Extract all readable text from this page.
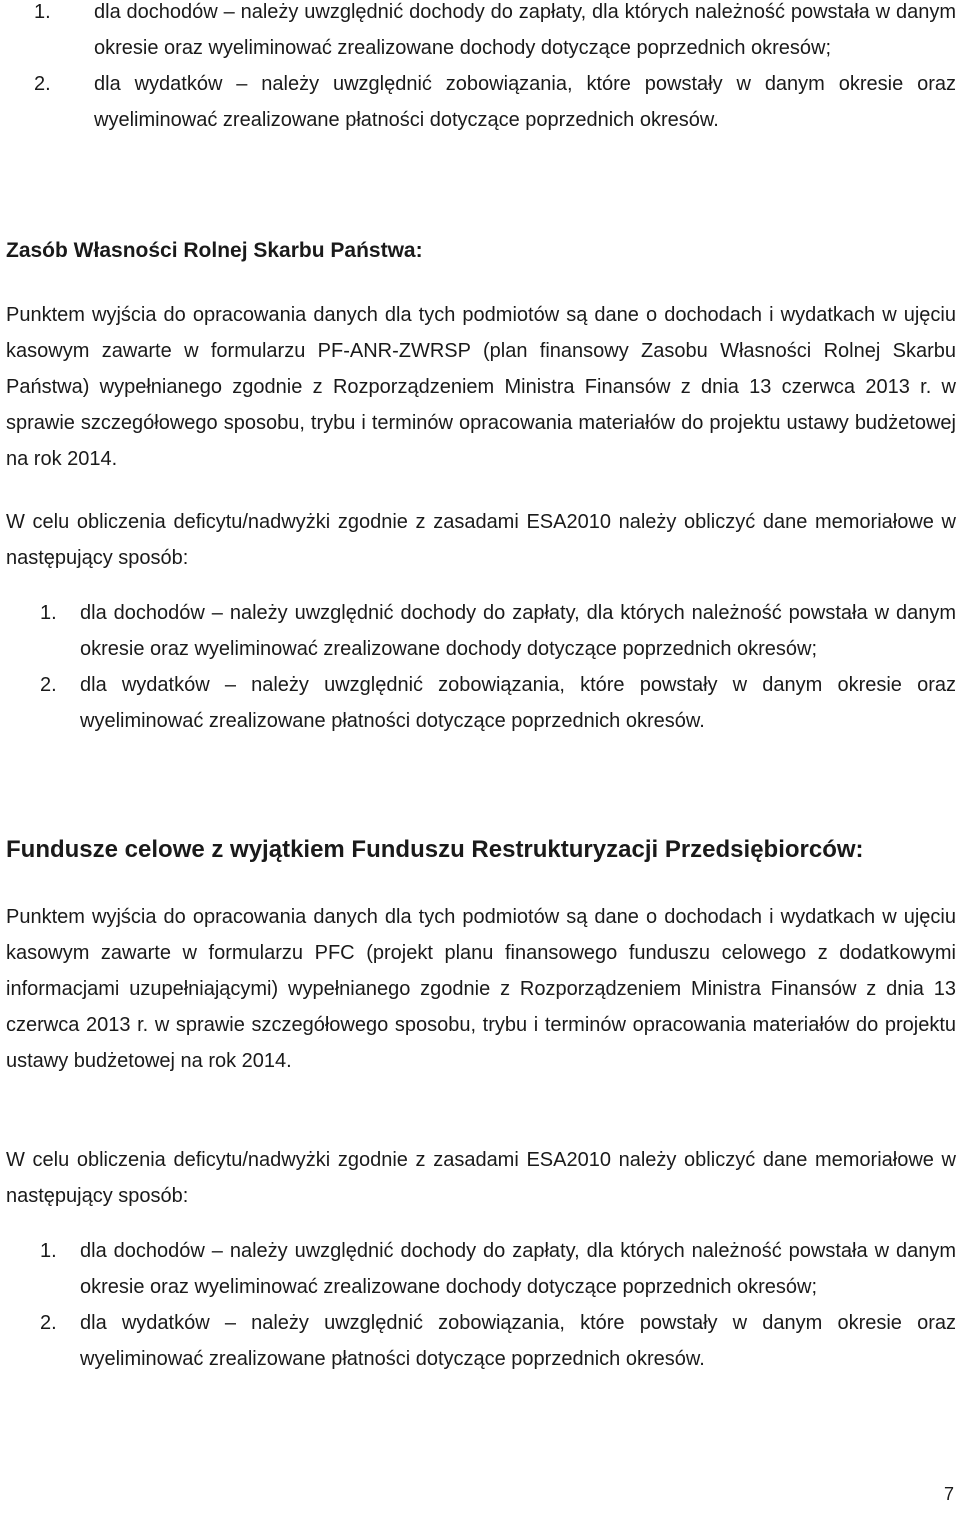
1. dla dochodów – należy uwzględnić dochody do zapłaty, dla których należność powstała w danym okresie oraz wyeliminować zrealizowane dochody dotyczące poprzednich okresów;
2. dla wydatków – należy uwzględnić zobowiązania, które powstały w danym okresie oraz wyeliminować zrealizowane płatności dotyczące poprzednich okresów.
Zasób Własności Rolnej Skarbu Państwa:

Punktem wyjścia do opracowania danych dla tych podmiotów są dane o dochodach i wydatkach w ujęciu kasowym zawarte w formularzu PF-ANR-ZWRSP (plan finansowy Zasobu Własności Rolnej Skarbu Państwa) wypełnianego zgodnie z Rozporządzeniem Ministra Finansów z dnia 13 czerwca 2013 r. w sprawie szczegółowego sposobu, trybu i terminów opracowania materiałów do projektu ustawy budżetowej na rok 2014.

W celu obliczenia deficytu/nadwyżki zgodnie z zasadami ESA2010 należy obliczyć dane memoriałowe w następujący sposób:

1. dla dochodów – należy uwzględnić dochody do zapłaty, dla których należność powstała w danym okresie oraz wyeliminować zrealizowane dochody dotyczące poprzednich okresów;
2. dla wydatków – należy uwzględnić zobowiązania, które powstały w danym okresie oraz wyeliminować zrealizowane płatności dotyczące poprzednich okresów.
Fundusze celowe z wyjątkiem Funduszu Restrukturyzacji Przedsiębiorców:

Punktem wyjścia do opracowania danych dla tych podmiotów są dane o dochodach i wydatkach w ujęciu kasowym zawarte w formularzu PFC (projekt planu finansowego funduszu celowego z dodatkowymi informacjami uzupełniającymi) wypełnianego zgodnie z Rozporządzeniem Ministra Finansów z dnia 13 czerwca 2013 r. w sprawie szczegółowego sposobu, trybu i terminów opracowania materiałów do projektu ustawy budżetowej na rok 2014.

W celu obliczenia deficytu/nadwyżki zgodnie z zasadami ESA2010 należy obliczyć dane memoriałowe w następujący sposób:

1. dla dochodów – należy uwzględnić dochody do zapłaty, dla których należność powstała w danym okresie oraz wyeliminować zrealizowane dochody dotyczące poprzednich okresów;
2. dla wydatków – należy uwzględnić zobowiązania, które powstały w danym okresie oraz wyeliminować zrealizowane płatności dotyczące poprzednich okresów.
7
